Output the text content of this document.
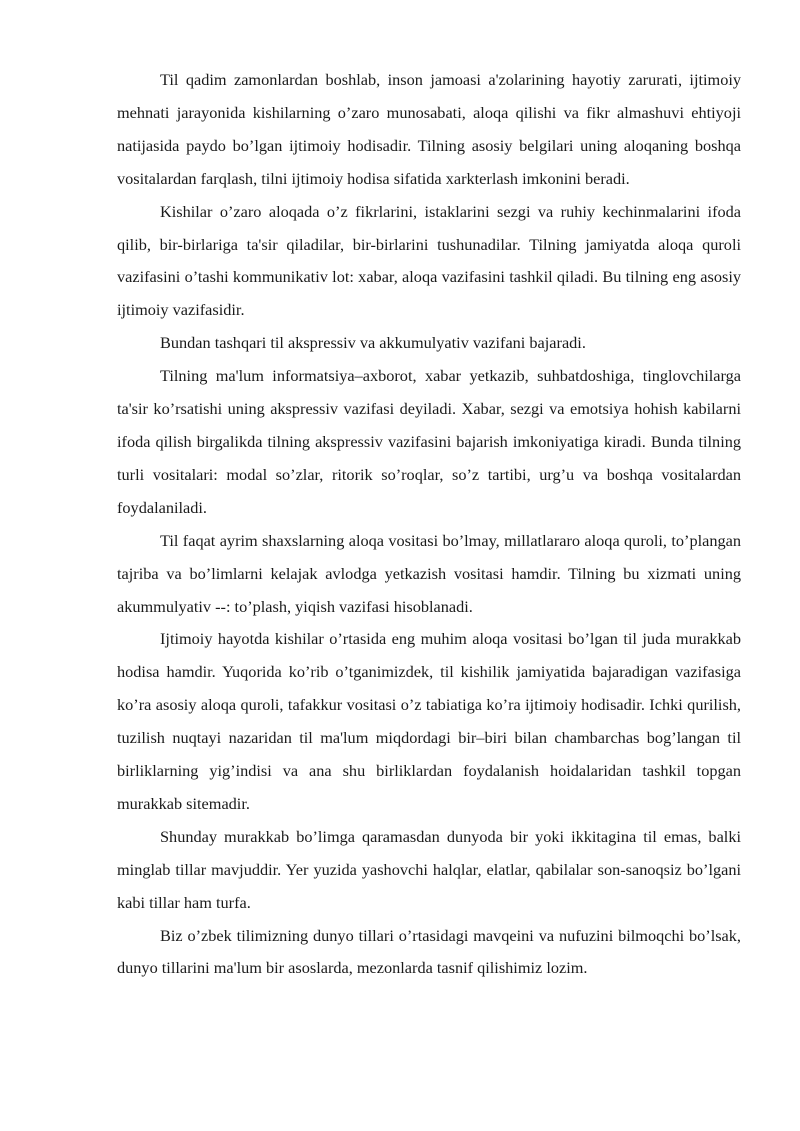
Til qadim zamonlardan boshlab, inson jamoasi a'zolarining hayotiy zarurati, ijtimoiy mehnati jarayonida kishilarning o’zaro munosabati, aloqa qilishi va fikr almashuvi ehtiyoji natijasida paydo bo’lgan ijtimoiy hodisadir. Tilning asosiy belgilari uning aloqaning boshqa vositalardan farqlash, tilni ijtimoiy hodisa sifatida xarkterlash imkonini beradi.

Kishilar o’zaro aloqada o’z fikrlarini, istaklarini sezgi va ruhiy kechinmalarini ifoda qilib, bir-birlariga ta'sir qiladilar, bir-birlarini tushunadilar. Tilning jamiyatda aloqa quroli vazifasini o’tashi kommunikativ lot: xabar, aloqa vazifasini tashkil qiladi. Bu tilning eng asosiy ijtimoiy vazifasidir.

Bundan tashqari til akspressiv va akkumulyativ vazifani bajaradi.

Tilning ma'lum informatsiya–axborot, xabar yetkazib, suhbatdoshiga, tinglovchilarga ta'sir ko’rsatishi uning akspressiv vazifasi deyiladi. Xabar, sezgi va emotsiya hohish kabilarni ifoda qilish birgalikda tilning akspressiv vazifasini bajarish imkoniyatiga kiradi. Bunda tilning turli vositalari: modal so’zlar, ritorik so’roqlar, so’z tartibi, urg’u va boshqa vositalardan foydalaniladi.

Til faqat ayrim shaxslarning aloqa vositasi bo’lmay, millatlararo aloqa quroli, to’plangan tajriba va bo’limlarni kelajak avlodga yetkazish vositasi hamdir. Tilning bu xizmati uning akummulyativ --: to’plash, yiqish vazifasi hisoblanadi.

Ijtimoiy hayotda kishilar o’rtasida eng muhim aloqa vositasi bo’lgan til juda murakkab hodisa hamdir. Yuqorida ko’rib o’tganimizdek, til kishilik jamiyatida bajaradigan vazifasiga ko’ra asosiy aloqa quroli, tafakkur vositasi o’z tabiatiga ko’ra ijtimoiy hodisadir. Ichki qurilish, tuzilish nuqtayi nazaridan til ma'lum miqdordagi bir–biri bilan chambarchas bog’langan til birliklarning yig’indisi va ana shu birliklardan foydalanish hoidalaridan tashkil topgan murakkab sitemadir.

Shunday murakkab bo’limga qaramasdan dunyoda bir yoki ikkitagina til emas, balki minglab tillar mavjuddir. Yer yuzida yashovchi halqlar, elatlar, qabilalar son-sanoqsiz bo’lgani kabi tillar ham turfa.

Biz o’zbek tilimizning dunyo tillari o’rtasidagi mavqeini va nufuzini bilmoqchi bo’lsak, dunyo tillarini ma'lum bir asoslarda, mezonlarda tasnif qilishimiz lozim.
